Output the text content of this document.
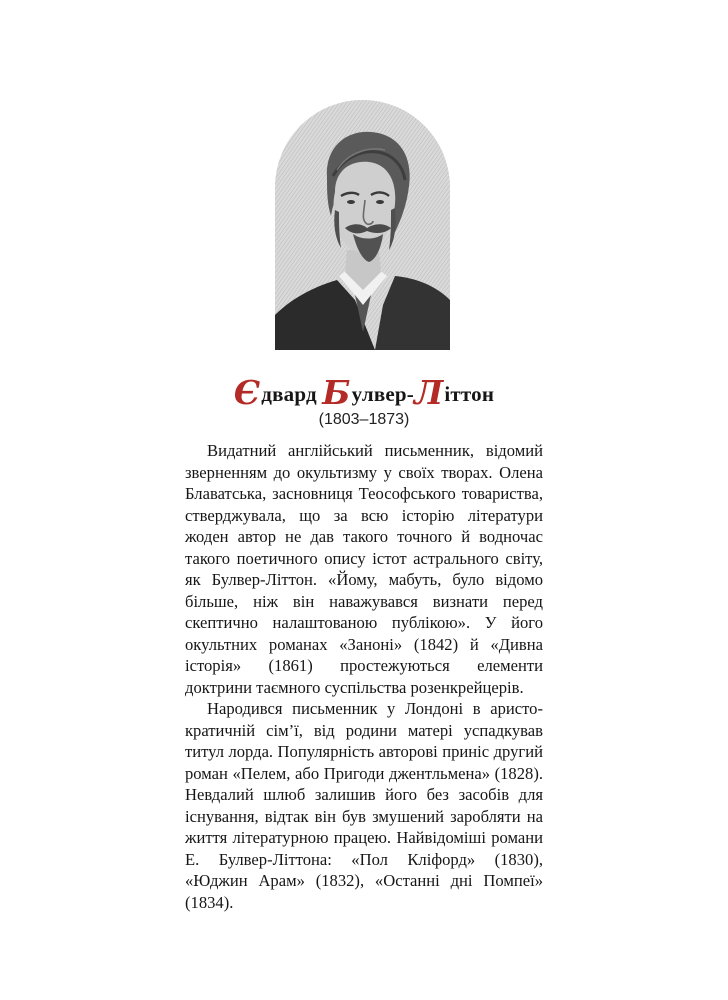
Єдвард Булвер-Літтон
(1803–1873)

Видатний англійський письменник, відомий зверненням до окультизму у своїх творах. Олена Блаватська, засновниця Теософського товариства, стверджувала, що за всю історію літератури жоден автор не дав такого точного й водночас такого поетичного опису істот астрального світу, як Булвер-Літтон. «Йому, мабуть, було відомо більше, ніж він наважувався визнати перед скептично налаштованою публікою». У його окультних романах «Заноні» (1842) й «Дивна історія» (1861) простежуються елементи доктрини таємного суспільства розенкрейцерів.

Народився письменник у Лондоні в аристократичній сім’ї, від родини матері успадкував титул лорда. Популярність авторові приніс другий роман «Пелем, або Пригоди джентльмена» (1828). Невдалий шлюб залишив його без засобів для існування, відтак він був змушений заробляти на життя літературною працею. Найвідоміші романи Е. Булвер-Літтона: «Пол Кліфорд» (1830), «Юджин Арам» (1832), «Останні дні Помпеї» (1834).
